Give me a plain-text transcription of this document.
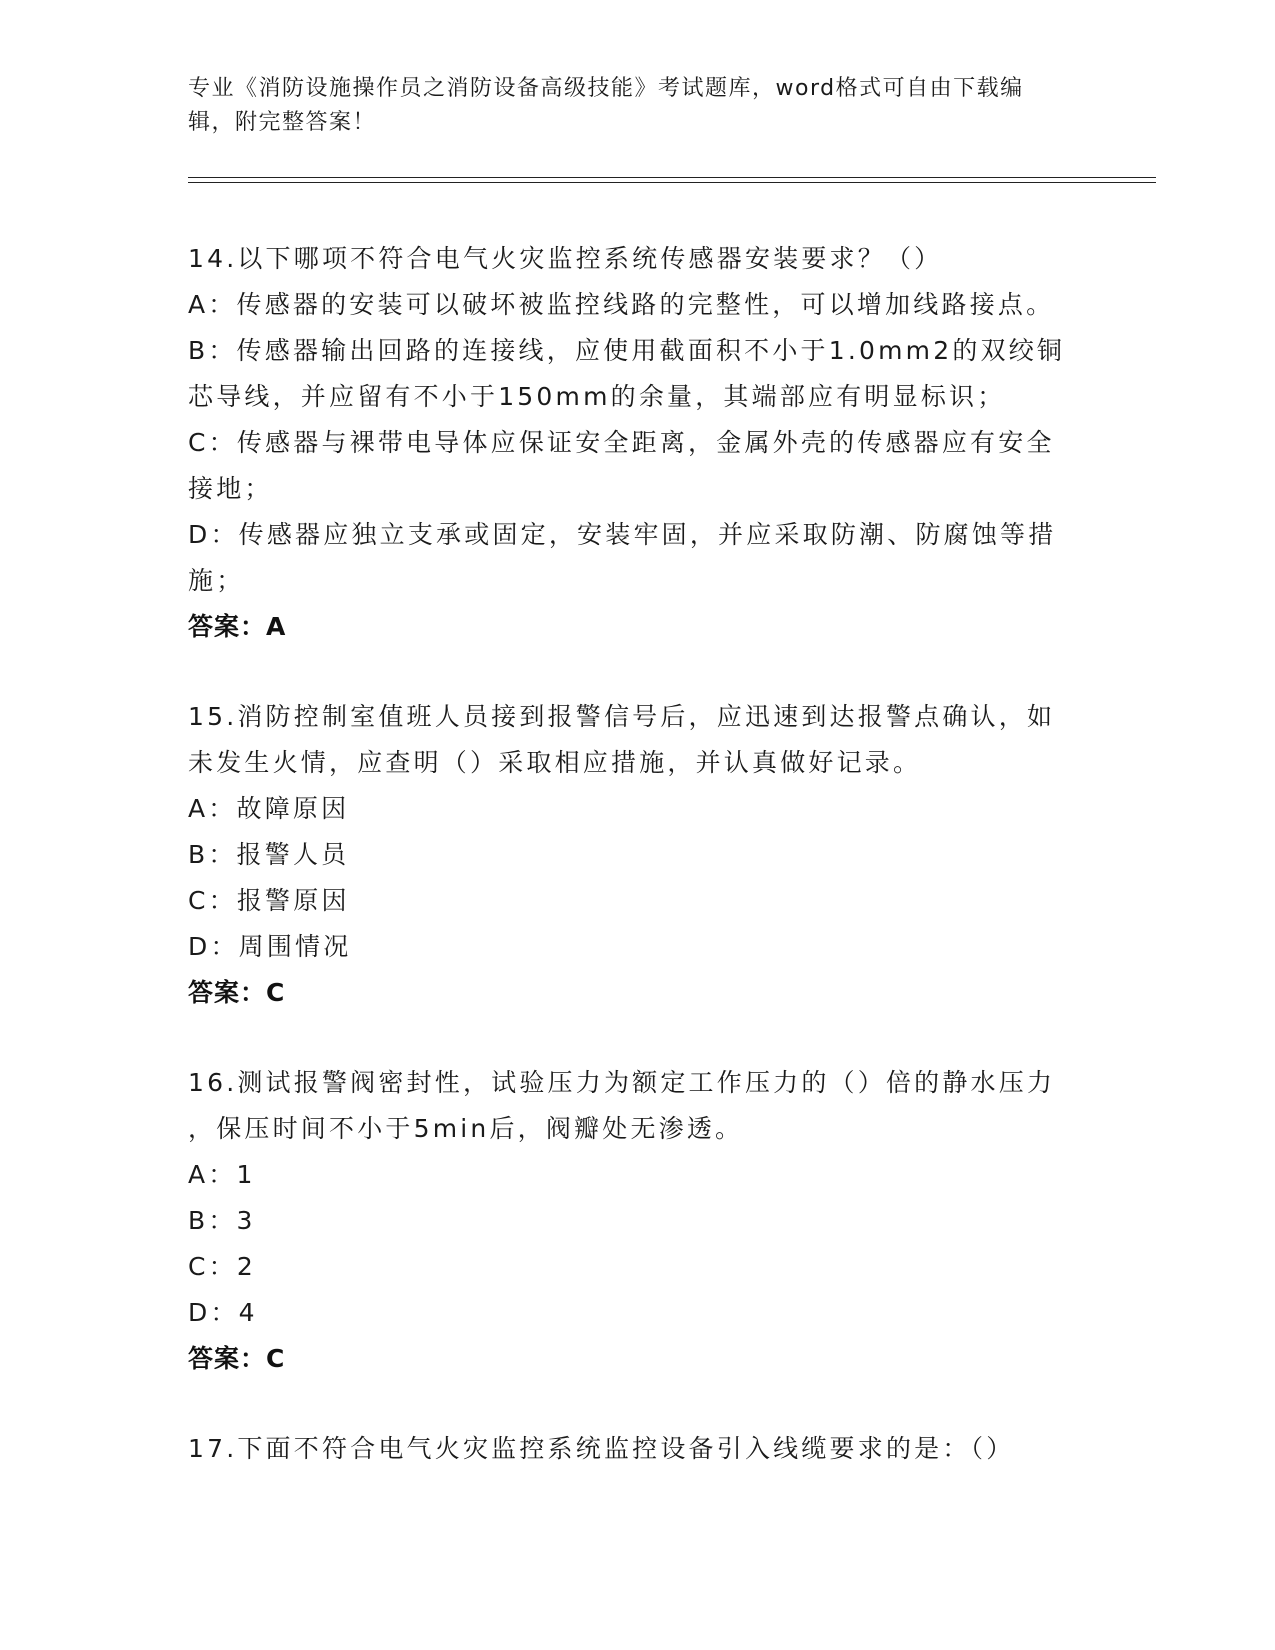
专业《消防设施操作员之消防设备高级技能》考试题库，word格式可自由下载编
辑，附完整答案！
14.以下哪项不符合电气火灾监控系统传感器安装要求？（）
A：传感器的安装可以破坏被监控线路的完整性，可以增加线路接点。
B：传感器输出回路的连接线，应使用截面积不小于1.0mm2的双绞铜
芯导线，并应留有不小于150mm的余量，其端部应有明显标识；
C：传感器与裸带电导体应保证安全距离，金属外壳的传感器应有安全
接地；
D：传感器应独立支承或固定，安装牢固，并应采取防潮、防腐蚀等措
施；
答案：A
15.消防控制室值班人员接到报警信号后，应迅速到达报警点确认，如
未发生火情，应查明（）采取相应措施，并认真做好记录。
A：故障原因
B：报警人员
C：报警原因
D：周围情况
答案：C
16.测试报警阀密封性，试验压力为额定工作压力的（）倍的静水压力
，保压时间不小于5min后，阀瓣处无渗透。
A：1
B：3
C：2
D：4
答案：C
17.下面不符合电气火灾监控系统监控设备引入线缆要求的是：（）
